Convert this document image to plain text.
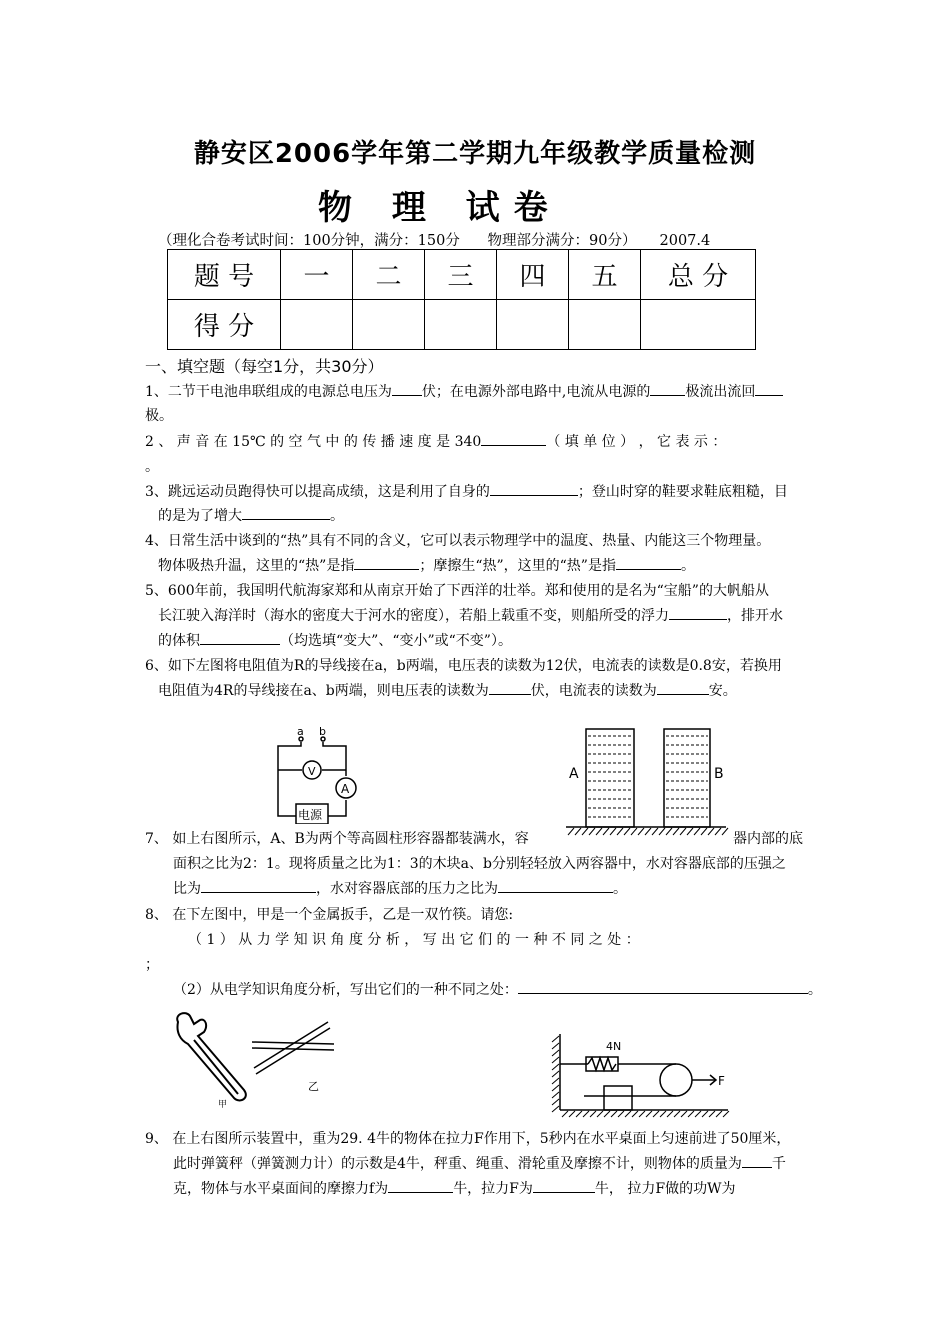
静安区2006学年第二学期九年级教学质量检测
物 理 试卷
（理化合卷考试时间：100分钟，满分：150分      物理部分满分：90分）     2007.4
题 号	一	二	三	四	五	总 分
得 分						
一、填空题（每空1分，共30分）
1、二节干电池串联组成的电源总电压为 伏；在电源外部电路中,电流从电源的	极流出流回
极。
2 、 声 音 在 15℃ 的 空 气 中 的 传 播 速 度 是 340	（ 填 单 位 ） ， 它 表 示 ：
。
3、跳远运动员跑得快可以提高成绩，这是利用了自身的	；登山时穿的鞋要求鞋底粗糙，目
的是为了增大	。
4、日常生活中谈到的“热”具有不同的含义，它可以表示物理学中的温度、热量、内能这三个物理量。
物体吸热升温，这里的“热”是指	；摩擦生“热”，这里的“热”是指	。
5、600年前，我国明代航海家郑和从南京开始了下西洋的壮举。郑和使用的是名为“宝船”的大帆船从
长江驶入海洋时（海水的密度大于河水的密度），若船上载重不变，则船所受的浮力	，排开水
的体积	（均选填“变大”、“变小”或“不变”）。
6、如下左图将电阻值为R的导线接在a，b两端，电压表的读数为12伏，电流表的读数是0.8安，若换用
电阻值为4R的导线接在a、b两端，则电压表的读数为	伏，电流表的读数为	安。
a b
V
A
电源
A	B
7、 如上右图所示，A、B为两个等高圆柱形容器都装满水，容	器内部的底
面积之比为2：1。现将质量之比为1：3的木块a、b分别轻轻放入两容器中，水对容器底部的压强之
比为	，水对容器底部的压力之比为	。
8、 在下左图中，甲是一个金属扳手，乙是一双竹筷。请您:
（ 1 ） 从 力 学 知 识 角 度 分 析 ， 写 出 它 们 的 一 种 不 同 之 处 ：
；
（2）从电学知识角度分析，写出它们的一种不同之处：	。
甲
乙
4N
F
9、 在上右图所示装置中，重为29. 4牛的物体在拉力F作用下，5秒内在水平桌面上匀速前进了50厘米，
此时弹簧秤（弹簧测力计）的示数是4牛，秤重、绳重、滑轮重及摩擦不计，则物体的质量为 千
克，物体与水平桌面间的摩擦力f为	牛，拉力F为	牛， 拉力F做的功W为
